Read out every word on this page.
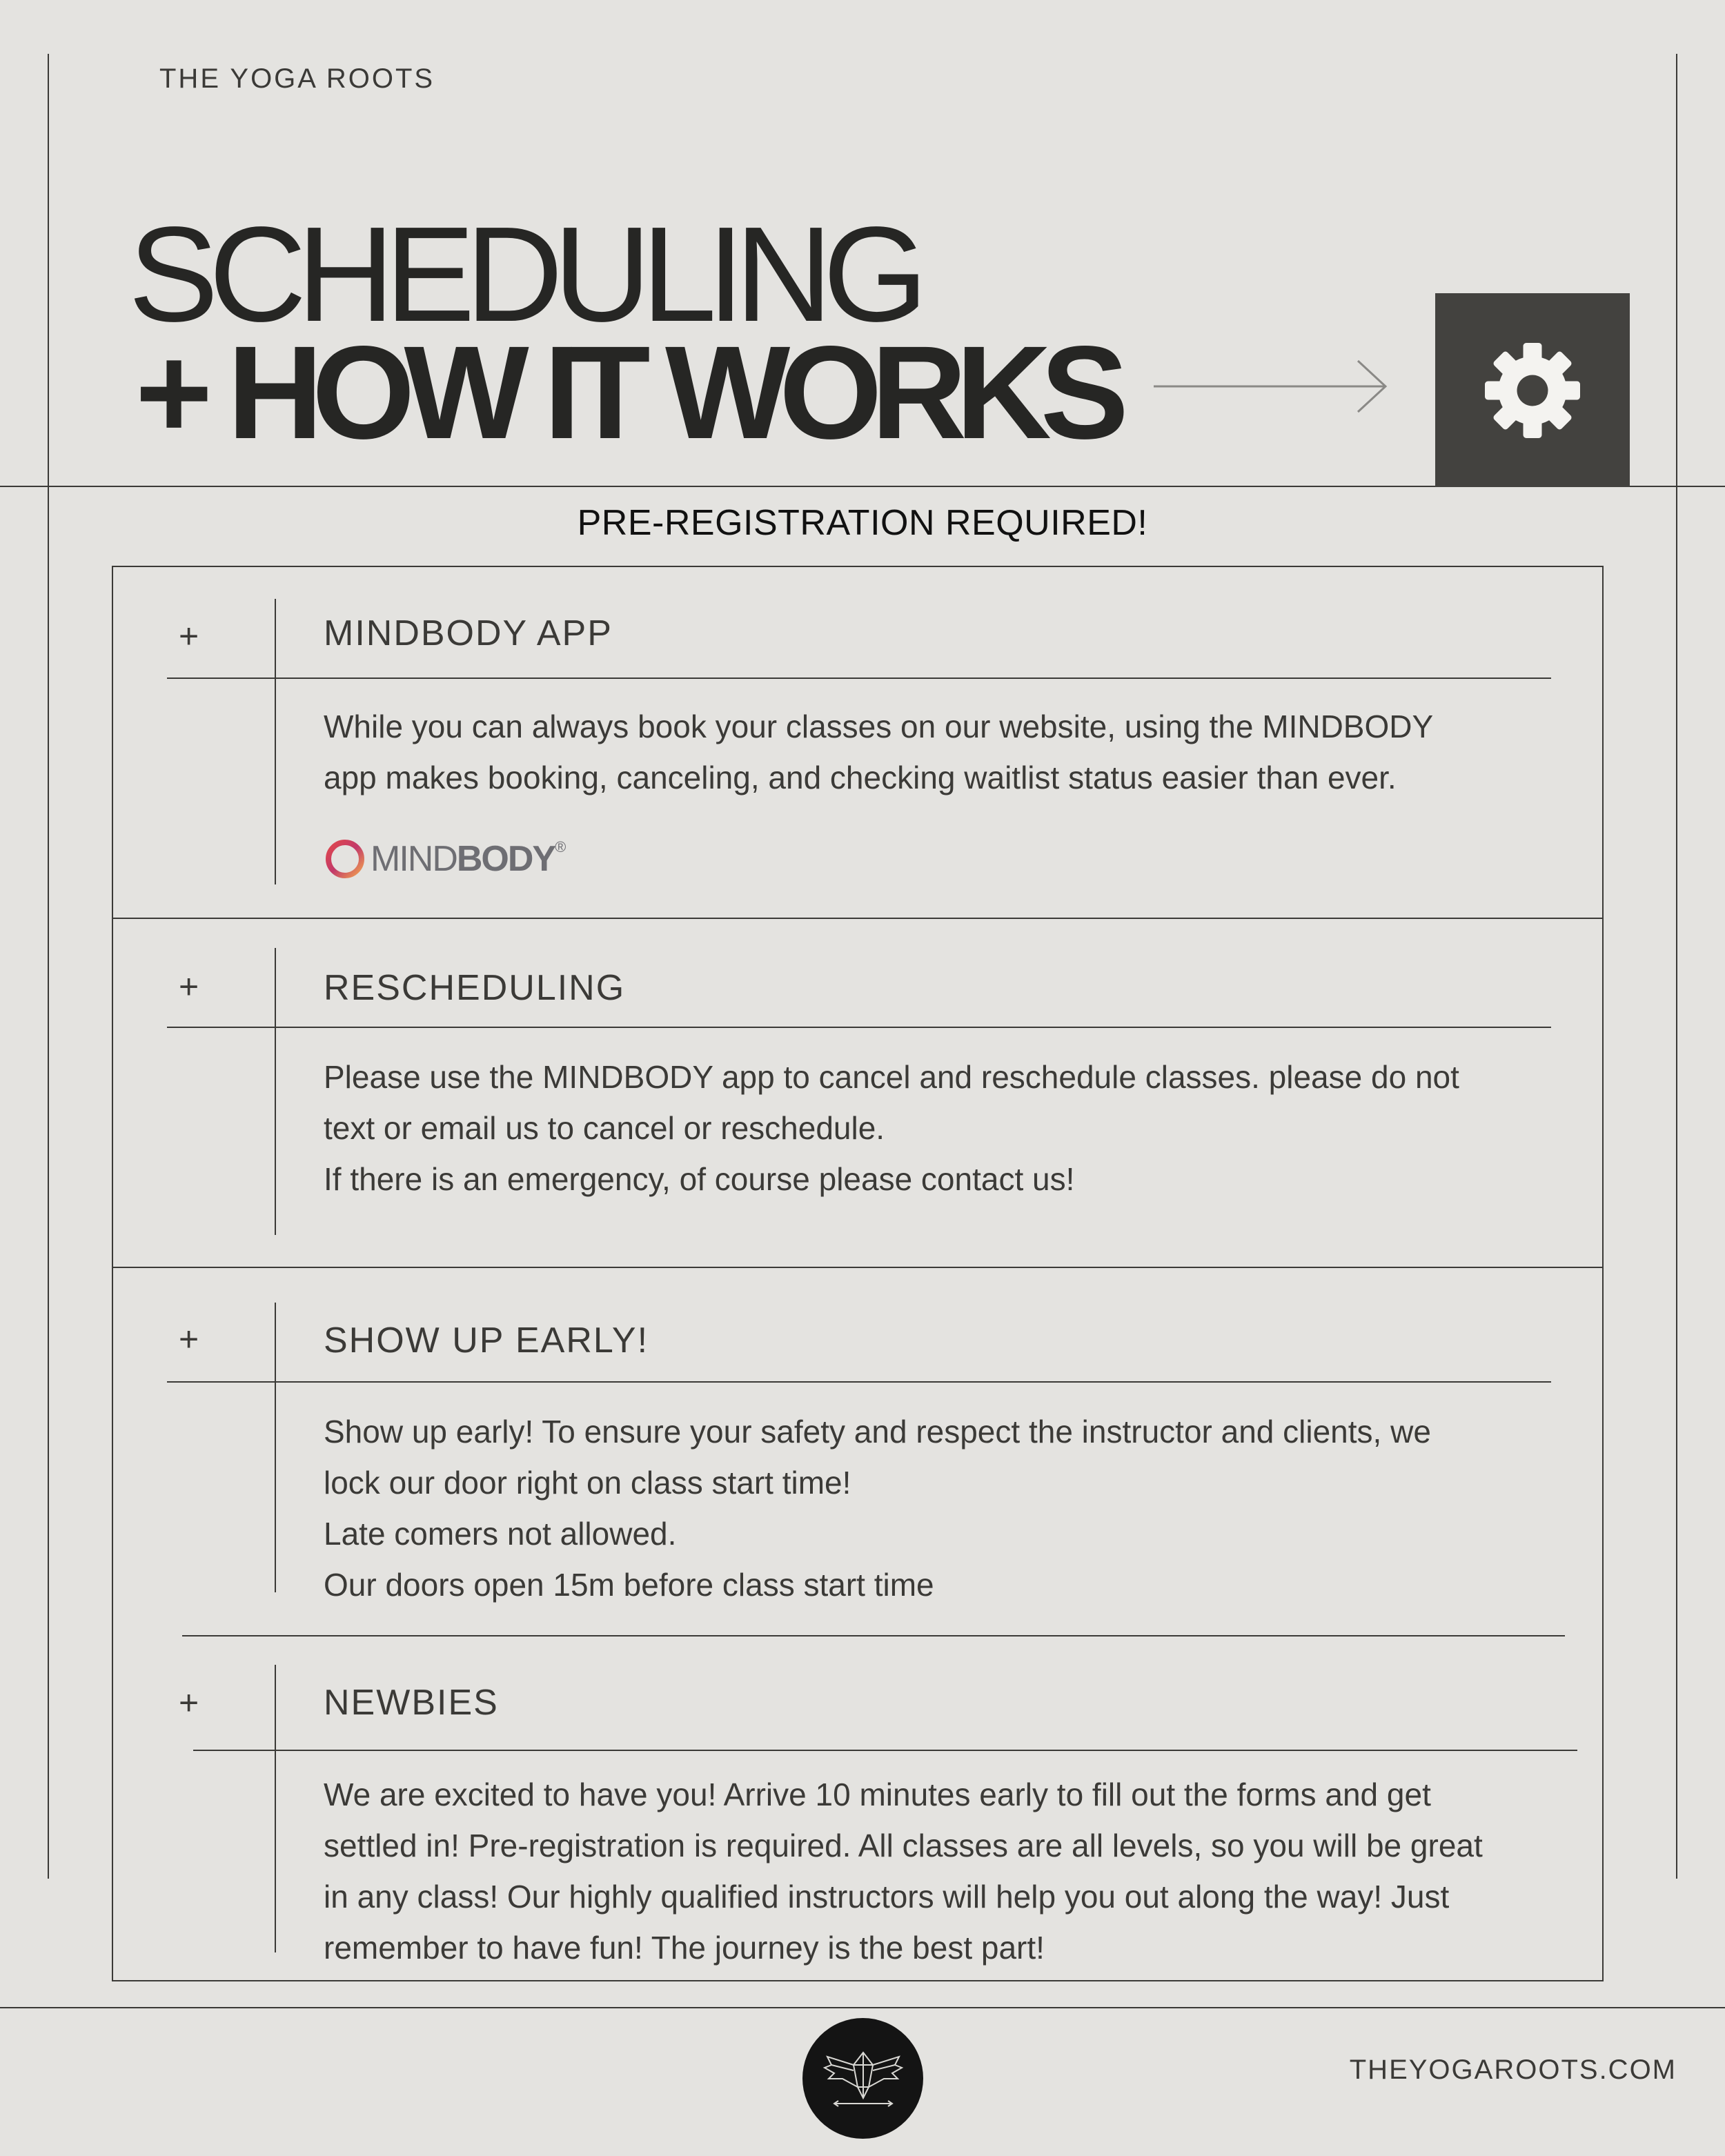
THE YOGA ROOTS
SCHEDULING
+ HOW IT WORKS
PRE-REGISTRATION REQUIRED!
+	MINDBODY APP

While you can always book your classes on our website, using the MINDBODY

app makes booking, canceling, and checking waitlist status easier than ever.

MINDBODY®
+	RESCHEDULING

Please use the MINDBODY app to cancel and reschedule classes. please do not

text or email us to cancel or reschedule.

If there is an emergency, of course please contact us!

+	SHOW UP EARLY!

Show up early! To ensure your safety and respect the instructor and clients, we

lock our door right on class start time!

Late comers not allowed.

Our doors open 15m before class start time

+	NEWBIES

We are excited to have you! Arrive 10 minutes early to fill out the forms and get

settled in! Pre-registration is required. All classes are all levels, so you will be great

in any class! Our highly qualified instructors will help you out along the way! Just

remember to have fun! The journey is the best part!

THEYOGAROOTS.COM
